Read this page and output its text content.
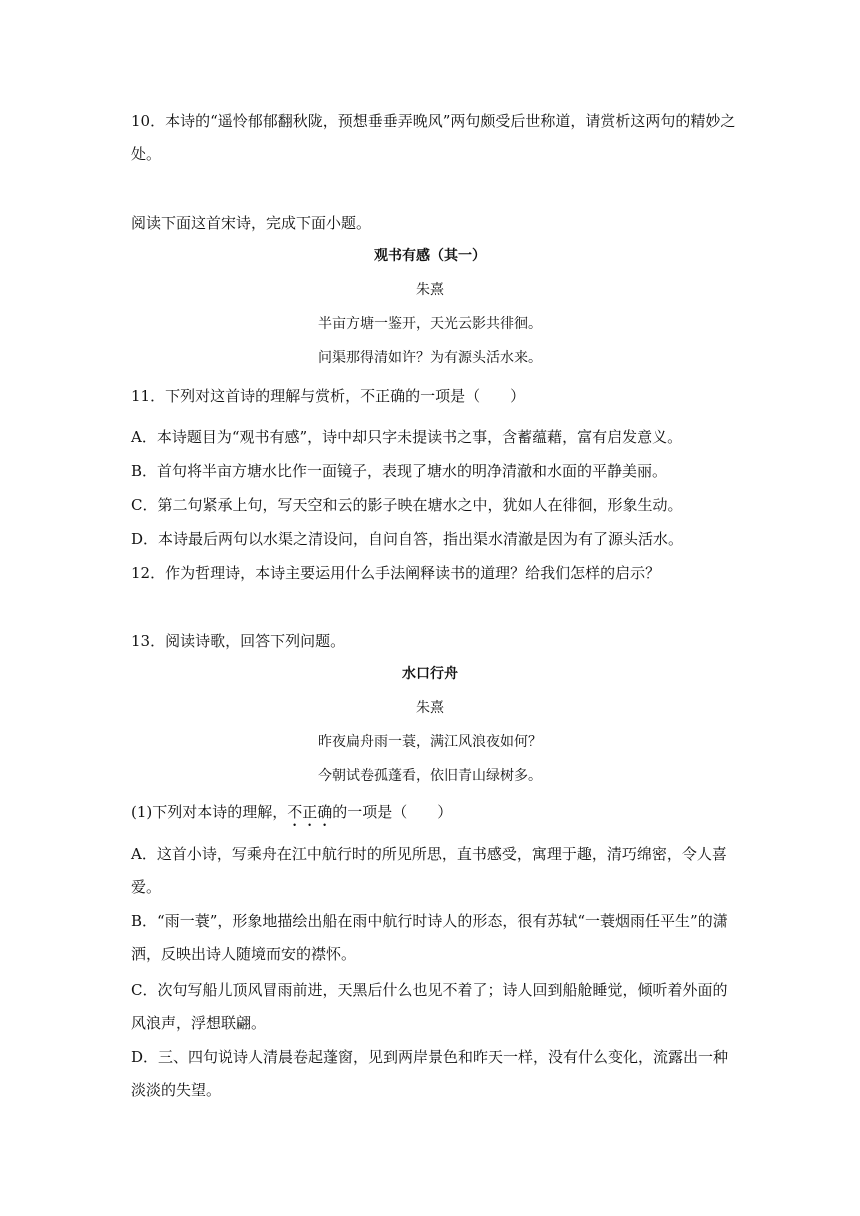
10．本诗的“遥怜郁郁翻秋陇，预想垂垂弄晚风”两句颇受后世称道，请赏析这两句的精妙之
处。
阅读下面这首宋诗，完成下面小题。
观书有感（其一）
朱熹
半亩方塘一鉴开，天光云影共徘徊。
问渠那得清如许？为有源头活水来。
11．下列对这首诗的理解与赏析，不正确的一项是（　　）
A．本诗题目为“观书有感”，诗中却只字未提读书之事，含蓄蕴藉，富有启发意义。
B．首句将半亩方塘水比作一面镜子，表现了塘水的明净清澈和水面的平静美丽。
C．第二句紧承上句，写天空和云的影子映在塘水之中，犹如人在徘徊，形象生动。
D．本诗最后两句以水渠之清设问，自问自答，指出渠水清澈是因为有了源头活水。
12．作为哲理诗，本诗主要运用什么手法阐释读书的道理？给我们怎样的启示？
13．阅读诗歌，回答下列问题。
水口行舟
朱熹
昨夜扁舟雨一蓑，满江风浪夜如何？
今朝试卷孤蓬看，依旧青山绿树多。
(1)下列对本诗的理解，不正确的一项是（　　）
A．这首小诗，写乘舟在江中航行时的所见所思，直书感受，寓理于趣，清巧绵密，令人喜
爱。
B．“雨一蓑”，形象地描绘出船在雨中航行时诗人的形态，很有苏轼“一蓑烟雨任平生”的潇
洒，反映出诗人随境而安的襟怀。
C．次句写船儿顶风冒雨前进，天黑后什么也见不着了；诗人回到船舱睡觉，倾听着外面的
风浪声，浮想联翩。
D．三、四句说诗人清晨卷起蓬窗，见到两岸景色和昨天一样，没有什么变化，流露出一种
淡淡的失望。
